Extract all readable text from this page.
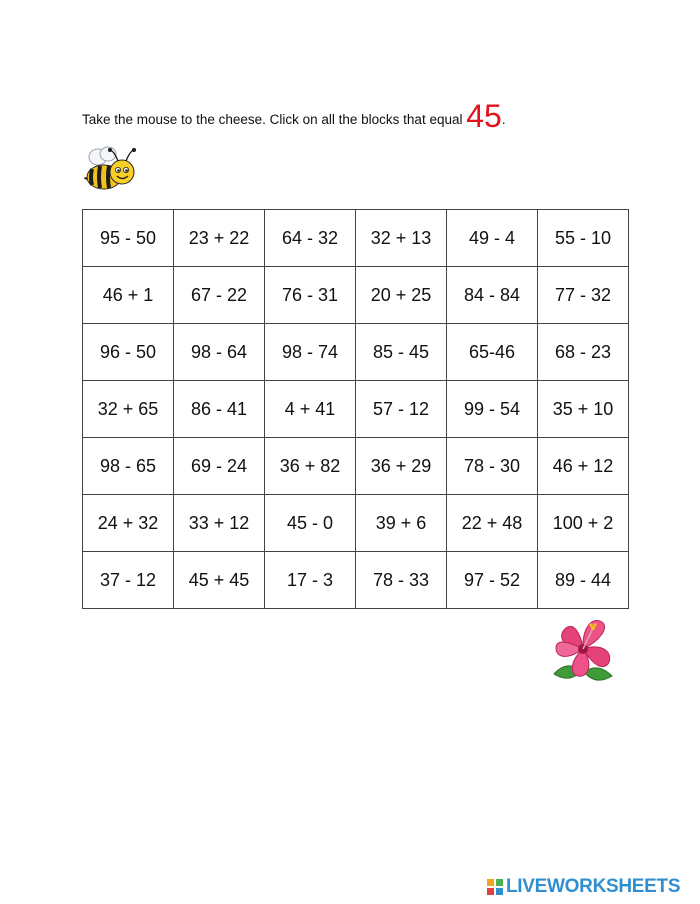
Take the mouse to the cheese. Click on all the blocks that equal 45.
95 - 50	23 + 22	64 - 32	32 + 13	49 - 4	55 - 10
46 + 1	67 - 22	76 - 31	20 + 25	84 - 84	77 - 32
96 - 50	98 - 64	98 - 74	85 - 45	65-46	68 - 23
32 + 65	86 - 41	4 + 41	57 - 12	99 - 54	35 + 10
98 - 65	69 - 24	36 + 82	36 + 29	78 - 30	46 + 12
24 + 32	33 + 12	45 - 0	39 + 6	22 + 48	100 + 2
37 - 12	45 + 45	17 - 3	78 - 33	97 - 52	89 - 44
LIVEWORKSHEETS
